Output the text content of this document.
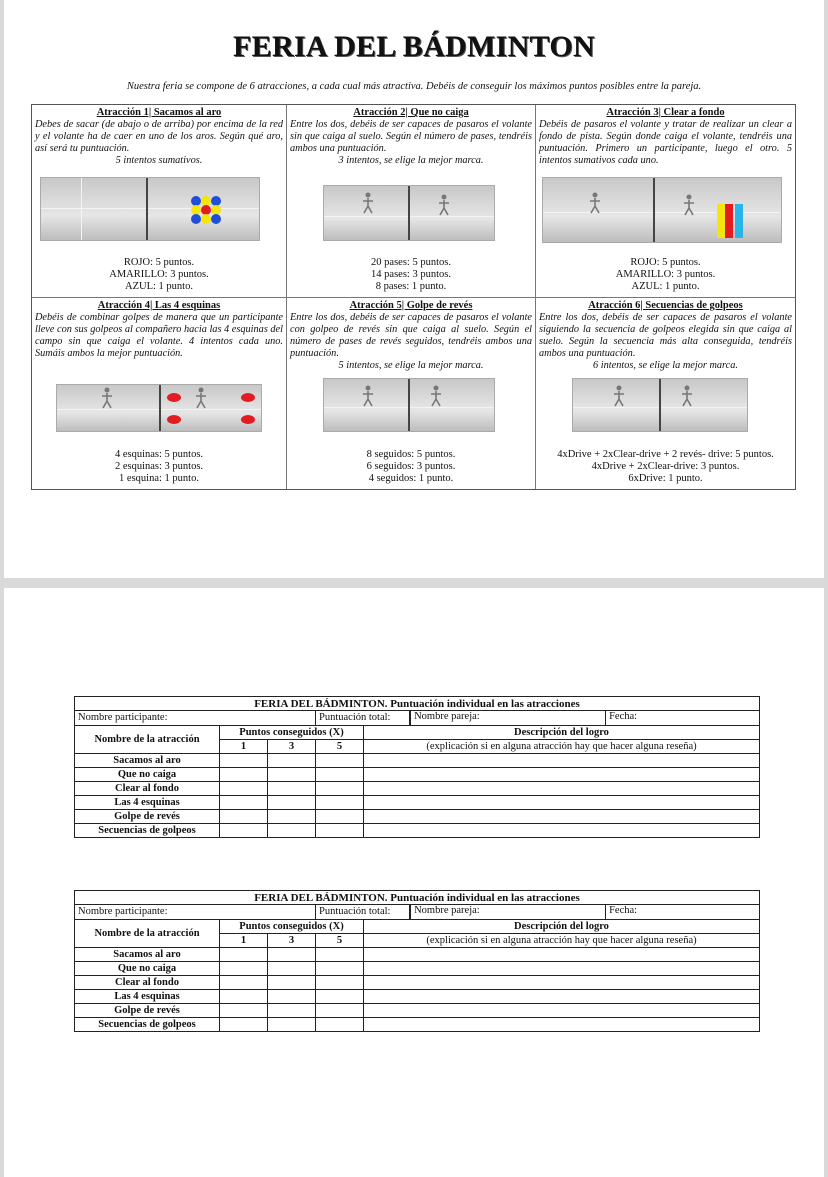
FERIA DEL BÁDMINTON

Nuestra feria se compone de 6 atracciones, a cada cual más atractiva. Debéis de conseguir los máximos puntos posibles entre la pareja.

Atracción 1| Sacamos al aro
Debes de sacar (de abajo o de arriba) por encima de la red y el volante ha de caer en uno de los aros. Según qué aro, así será tu puntuación.
5 intentos sumativos.
ROJO: 5 puntos.
AMARILLO: 3 puntos.
AZUL: 1 punto.
Atracción 2| Que no caiga
Entre los dos, debéis de ser capaces de pasaros el volante sin que caiga al suelo. Según el número de pases, tendréis ambos una puntuación.
3 intentos, se elige la mejor marca.
20 pases: 5 puntos.
14 pases: 3 puntos.
8 pases: 1 punto.
Atracción 3| Clear a fondo
Debéis de pasaros el volante y tratar de realizar un clear a fondo de pista. Según donde caiga el volante, tendréis una puntuación. Primero un participante, luego el otro. 5 intentos sumativos cada uno.
ROJO: 5 puntos.
AMARILLO: 3 puntos.
AZUL: 1 punto.
Atracción 4| Las 4 esquinas
Debéis de combinar golpes de manera que un participante lleve con sus golpeos al compañero hacia las 4 esquinas del campo sin que caiga el volante. 4 intentos cada uno. Sumáis ambos la mejor puntuación.
4 esquinas: 5 puntos.
2 esquinas: 3 puntos.
1 esquina: 1 punto.
Atracción 5| Golpe de revés
Entre los dos, debéis de ser capaces de pasaros el volante con golpeo de revés sin que caiga al suelo. Según el número de pases de revés seguidos, tendréis ambos una puntuación.
5 intentos, se elige la mejor marca.
8 seguidos: 5 puntos.
6 seguidos: 3 puntos.
4 seguidos: 1 punto.
Atracción 6| Secuencias de golpeos
Entre los dos, debéis de ser capaces de pasaros el volante siguiendo la secuencia de golpeos elegida sin que caiga al suelo. Según la secuencia más alta conseguida, tendréis ambos una puntuación.
6 intentos, se elige la mejor marca.
4xDrive + 2xClear-drive + 2 revés- drive: 5 puntos.
4xDrive + 2xClear-drive: 3 puntos.
6xDrive: 1 punto.
FERIA DEL BÁDMINTON. Puntuación individual en las atracciones					
Nombre participante:			Puntuación total:		Nombre pareja: Fecha:

Nombre de la atracción	Puntos conseguidos (X)			Descripción del logro	
	1	3	5	(explicación si en alguna atracción hay que hacer alguna reseña)	
Sacamos al aro					
Que no caiga					
Clear al fondo					
Las 4 esquinas					
Golpe de revés					
Secuencias de golpeos					
FERIA DEL BÁDMINTON. Puntuación individual en las atracciones					
Nombre participante:			Puntuación total:		Nombre pareja: Fecha:

Nombre de la atracción	Puntos conseguidos (X)			Descripción del logro	
	1	3	5	(explicación si en alguna atracción hay que hacer alguna reseña)	
Sacamos al aro					
Que no caiga					
Clear al fondo					
Las 4 esquinas					
Golpe de revés					
Secuencias de golpeos					
